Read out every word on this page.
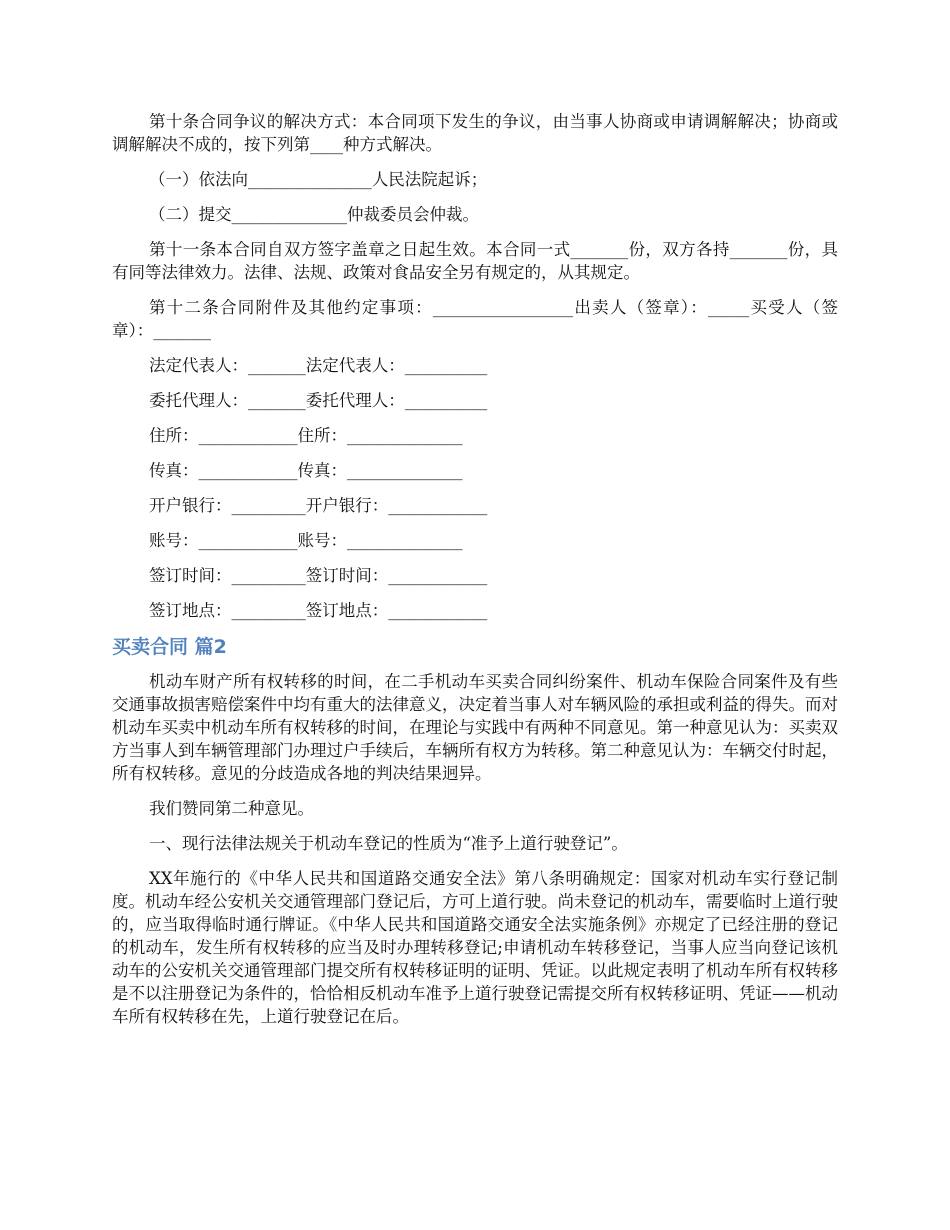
第十条合同争议的解决方式：本合同项下发生的争议，由当事人协商或申请调解解决；协商或调解解决不成的，按下列第____种方式解决。

（一）依法向_______________人民法院起诉；

（二）提交______________仲裁委员会仲裁。

第十一条本合同自双方签字盖章之日起生效。本合同一式_______份，双方各持_______份，具有同等法律效力。法律、法规、政策对食品安全另有规定的，从其规定。

第十二条合同附件及其他约定事项：_________________出卖人（签章）：_____买受人（签章）：_______

法定代表人：_______法定代表人：__________

委托代理人：_______委托代理人：__________

住所：____________住所：______________

传真：____________传真：______________

开户银行：_________开户银行：____________

账号：____________账号：______________

签订时间：_________签订时间：____________

签订地点：_________签订地点：____________

买卖合同 篇2

机动车财产所有权转移的时间，在二手机动车买卖合同纠纷案件、机动车保险合同案件及有些交通事故损害赔偿案件中均有重大的法律意义，决定着当事人对车辆风险的承担或利益的得失。而对机动车买卖中机动车所有权转移的时间，在理论与实践中有两种不同意见。第一种意见认为：买卖双方当事人到车辆管理部门办理过户手续后，车辆所有权方为转移。第二种意见认为：车辆交付时起，所有权转移。意见的分歧造成各地的判决结果迥异。

我们赞同第二种意见。

一、现行法律法规关于机动车登记的性质为“准予上道行驶登记”。

XX年施行的《中华人民共和国道路交通安全法》第八条明确规定：国家对机动车实行登记制度。机动车经公安机关交通管理部门登记后，方可上道行驶。尚未登记的机动车，需要临时上道行驶的，应当取得临时通行牌证。《中华人民共和国道路交通安全法实施条例》亦规定了已经注册的登记的机动车，发生所有权转移的应当及时办理转移登记;申请机动车转移登记，当事人应当向登记该机动车的公安机关交通管理部门提交所有权转移证明的证明、凭证。以此规定表明了机动车所有权转移是不以注册登记为条件的，恰恰相反机动车准予上道行驶登记需提交所有权转移证明、凭证——机动车所有权转移在先，上道行驶登记在后。
